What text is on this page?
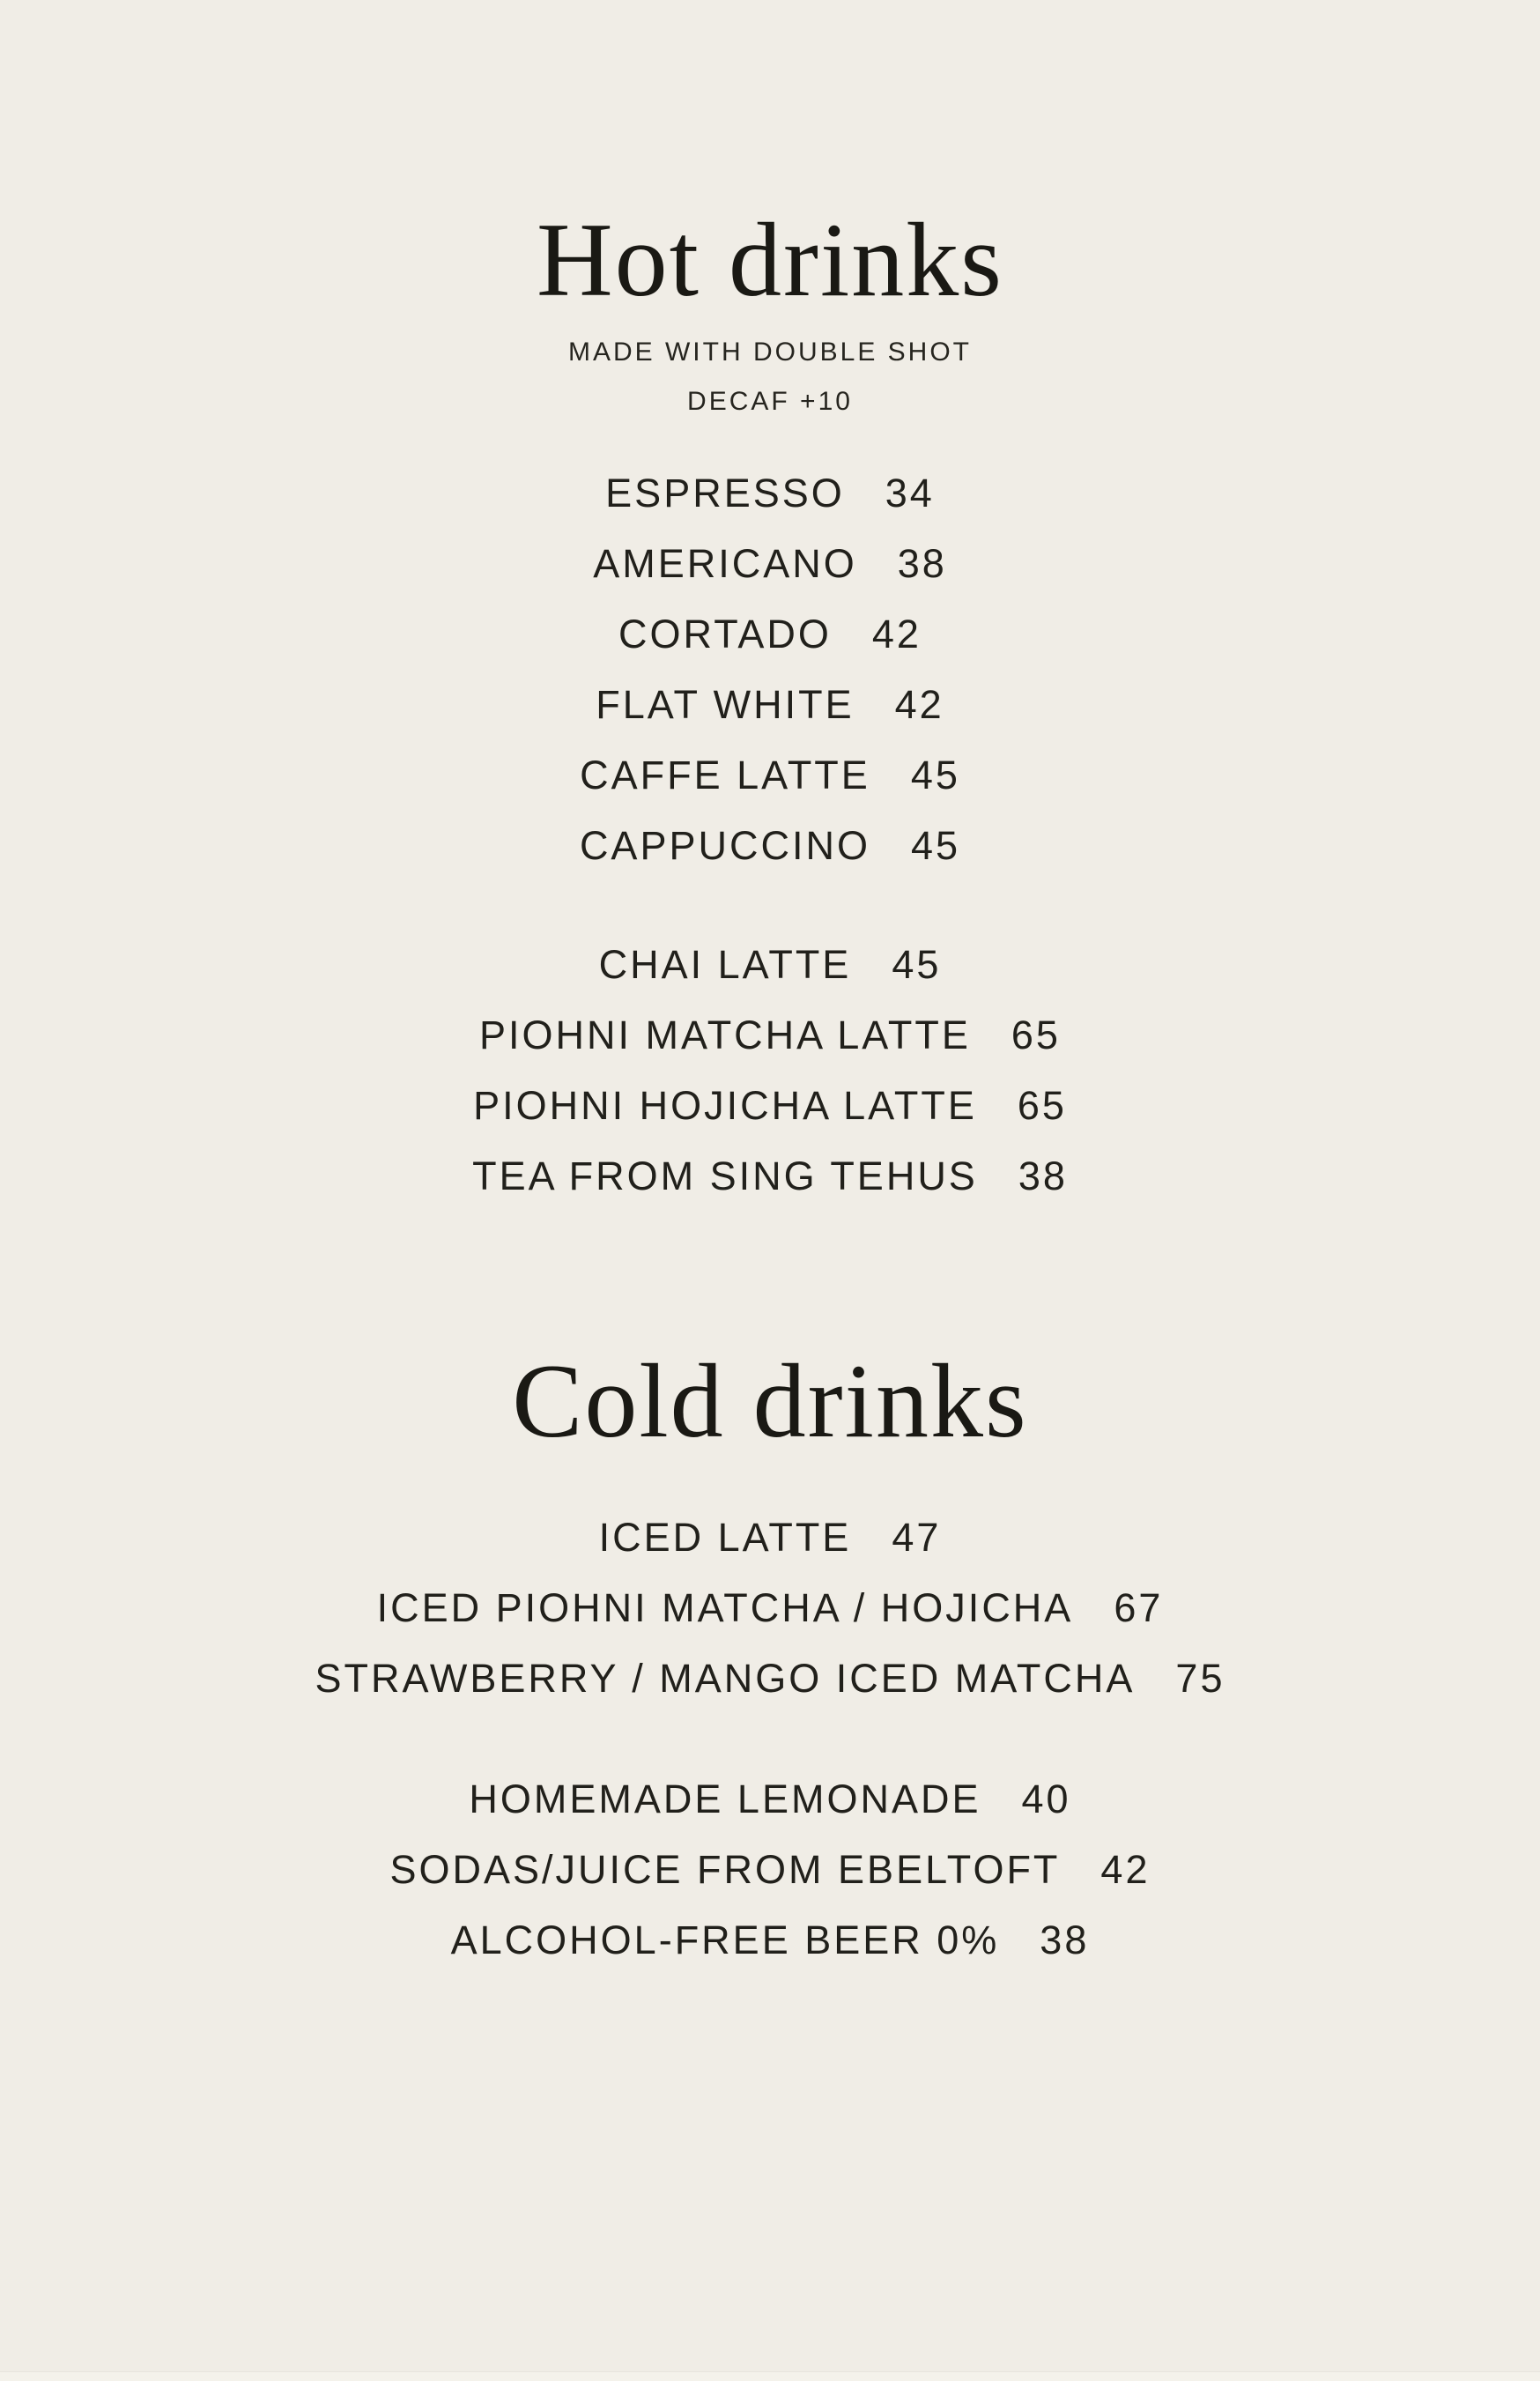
Hot drinks
MADE WITH DOUBLE SHOT
DECAF +10
ESPRESSO 34
AMERICANO 38
CORTADO 42
FLAT WHITE 42
CAFFE LATTE 45
CAPPUCCINO 45
CHAI LATTE 45
PIOHNI MATCHA LATTE 65
PIOHNI HOJICHA LATTE 65
TEA FROM SING TEHUS 38
Cold drinks
ICED LATTE 47
ICED PIOHNI MATCHA / HOJICHA 67
STRAWBERRY / MANGO ICED MATCHA 75
HOMEMADE LEMONADE 40
SODAS/JUICE FROM EBELTOFT 42
ALCOHOL-FREE BEER 0% 38
